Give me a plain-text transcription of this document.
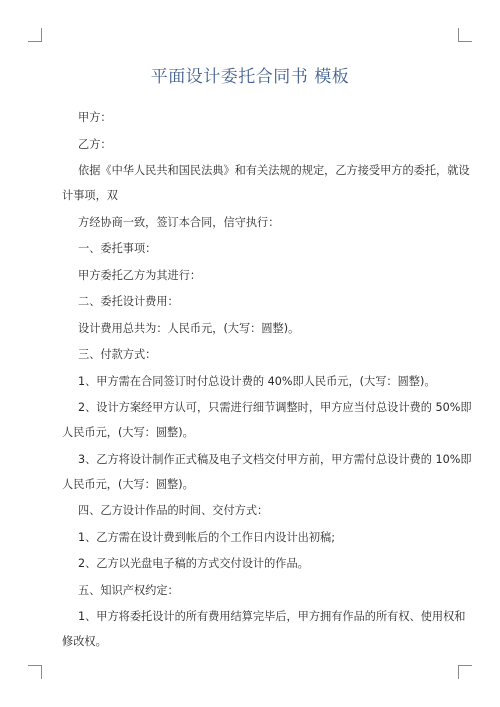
平面设计委托合同书 模板
甲方：
乙方：
依据《中华人民共和国民法典》和有关法规的规定，乙方接受甲方的委托，就设
计事项，双
方经协商一致，签订本合同，信守执行：
一、委托事项：
甲方委托乙方为其进行：
二、委托设计费用：
设计费用总共为：人民币元，(大写：圆整)。
三、付款方式：
1、甲方需在合同签订时付总设计费的 40%即人民币元，(大写：圆整)。
2、设计方案经甲方认可，只需进行细节调整时，甲方应当付总设计费的 50%即
人民币元，(大写：圆整)。
3、乙方将设计制作正式稿及电子文档交付甲方前，甲方需付总设计费的 10%即
人民币元，(大写：圆整)。
四、乙方设计作品的时间、交付方式：
1、乙方需在设计费到帐后的个工作日内设计出初稿;
2、乙方以光盘电子稿的方式交付设计的作品。
五、知识产权约定：
1、甲方将委托设计的所有费用结算完毕后，甲方拥有作品的所有权、使用权和
修改权。
